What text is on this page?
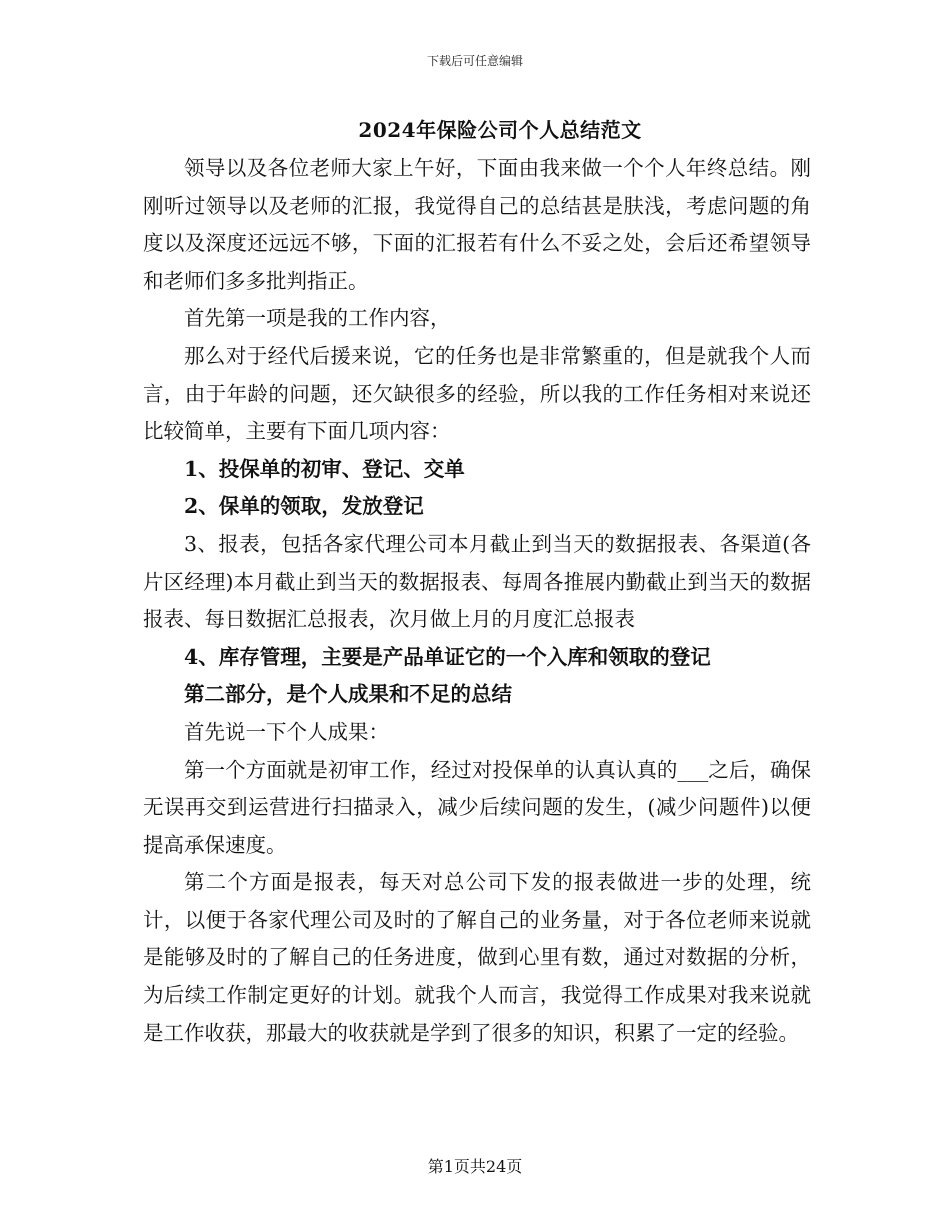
下载后可任意编辑
2024年保险公司个人总结范文

领导以及各位老师大家上午好，下面由我来做一个个人年终总结。刚刚听过领导以及老师的汇报，我觉得自己的总结甚是肤浅，考虑问题的角度以及深度还远远不够，下面的汇报若有什么不妥之处，会后还希望领导和老师们多多批判指正。

首先第一项是我的工作内容，

那么对于经代后援来说，它的任务也是非常繁重的，但是就我个人而言，由于年龄的问题，还欠缺很多的经验，所以我的工作任务相对来说还比较简单，主要有下面几项内容：

1、投保单的初审、登记、交单

2、保单的领取，发放登记

3、报表，包括各家代理公司本月截止到当天的数据报表、各渠道(各片区经理)本月截止到当天的数据报表、每周各推展内勤截止到当天的数据报表、每日数据汇总报表，次月做上月的月度汇总报表

4、库存管理，主要是产品单证它的一个入库和领取的登记

第二部分，是个人成果和不足的总结

首先说一下个人成果：

第一个方面就是初审工作，经过对投保单的认真认真的___之后，确保无误再交到运营进行扫描录入，减少后续问题的发生，(减少问题件)以便提高承保速度。

第二个方面是报表，每天对总公司下发的报表做进一步的处理，统计，以便于各家代理公司及时的了解自己的业务量，对于各位老师来说就是能够及时的了解自己的任务进度，做到心里有数，通过对数据的分析，为后续工作制定更好的计划。就我个人而言，我觉得工作成果对我来说就是工作收获，那最大的收获就是学到了很多的知识，积累了一定的经验。

第1页共24页
